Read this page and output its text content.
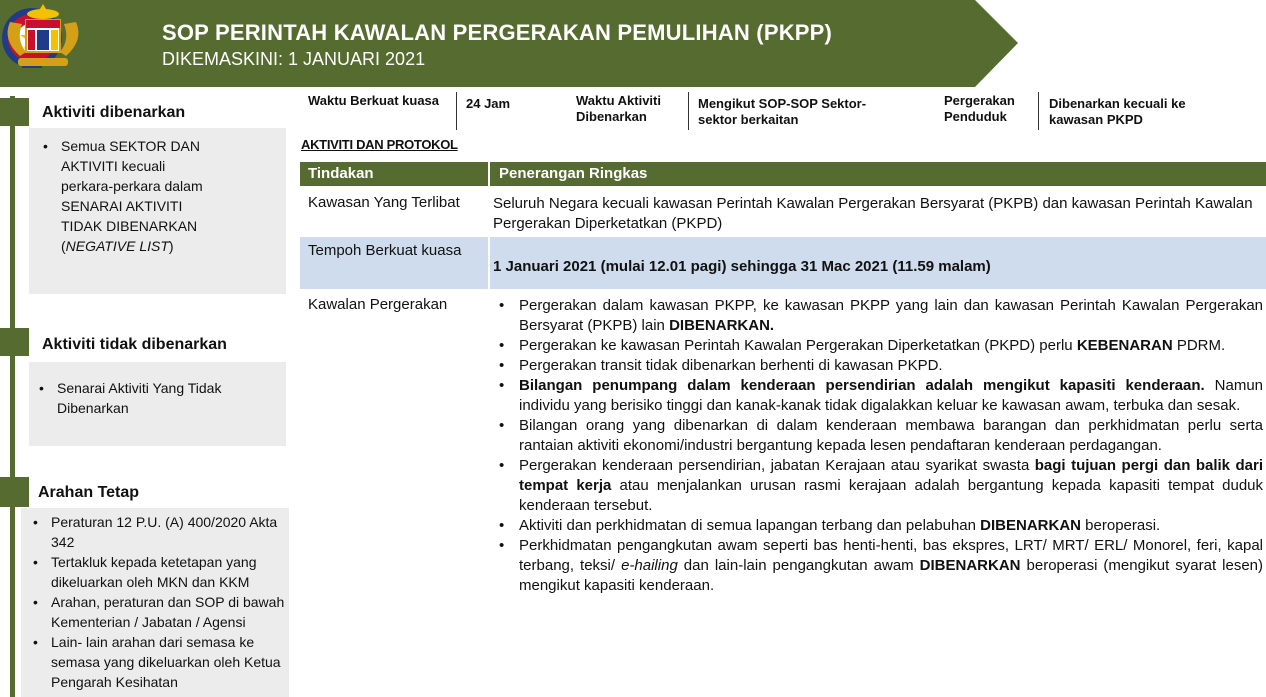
SOP PERINTAH KAWALAN PERGERAKAN PEMULIHAN (PKPP)
DIKEMASKINI: 1 JANUARI 2021
Aktiviti dibenarkan
• Semua SEKTOR DAN AKTIVITI kecuali perkara-perkara dalam SENARAI AKTIVITI TIDAK DIBENARKAN (NEGATIVE LIST)
Aktiviti tidak dibenarkan
• Senarai Aktiviti Yang Tidak Dibenarkan
Arahan Tetap
• Peraturan 12 P.U. (A) 400/2020 Akta 342
• Tertakluk kepada ketetapan yang dikeluarkan oleh MKN dan KKM
• Arahan, peraturan dan SOP di bawah Kementerian / Jabatan / Agensi
• Lain- lain arahan dari semasa ke semasa yang dikeluarkan oleh Ketua Pengarah Kesihatan
Waktu Berkuat kuasa	24 Jam	Waktu Aktiviti Dibenarkan
Mengikut SOP-SOP Sektor-sektor berkaitan
Pergerakan Penduduk
Dibenarkan kecuali ke kawasan PKPD
AKTIVITI DAN PROTOKOL
Tindakan	Penerangan Ringkas
Kawasan Yang Terlibat Seluruh Negara kecuali kawasan Perintah Kawalan Pergerakan Bersyarat (PKPB) dan kawasan Perintah Kawalan Pergerakan Diperketatkan (PKPD)
Tempoh Berkuat kuasa
1 Januari 2021 (mulai 12.01 pagi) sehingga 31 Mac 2021 (11.59 malam)
Kawalan Pergerakan
•	Pergerakan dalam kawasan PKPP, ke kawasan PKPP yang lain dan kawasan Perintah Kawalan Pergerakan Bersyarat (PKPB) lain DIBENARKAN.
• Pergerakan ke kawasan Perintah Kawalan Pergerakan Diperketatkan (PKPD) perlu KEBENARAN PDRM.
• Pergerakan transit tidak dibenarkan berhenti di kawasan PKPD.
• Bilangan penumpang dalam kenderaan persendirian adalah mengikut kapasiti kenderaan. Namun individu yang berisiko tinggi dan kanak-kanak tidak digalakkan keluar ke kawasan awam, terbuka dan sesak.
• Bilangan orang yang dibenarkan di dalam kenderaan membawa barangan dan perkhidmatan perlu serta rantaian aktiviti ekonomi/industri bergantung kepada lesen pendaftaran kenderaan perdagangan.
• Pergerakan kenderaan persendirian, jabatan Kerajaan atau syarikat swasta bagi tujuan pergi dan balik dari tempat kerja atau menjalankan urusan rasmi kerajaan adalah bergantung kepada kapasiti tempat duduk kenderaan tersebut.
• Aktiviti dan perkhidmatan di semua lapangan terbang dan pelabuhan DIBENARKAN beroperasi.
• Perkhidmatan pengangkutan awam seperti bas henti-henti, bas ekspres, LRT/ MRT/ ERL/ Monorel, feri, kapal terbang, teksi/ e-hailing dan lain-lain pengangkutan awam DIBENARKAN beroperasi (mengikut syarat lesen) mengikut kapasiti kenderaan.
